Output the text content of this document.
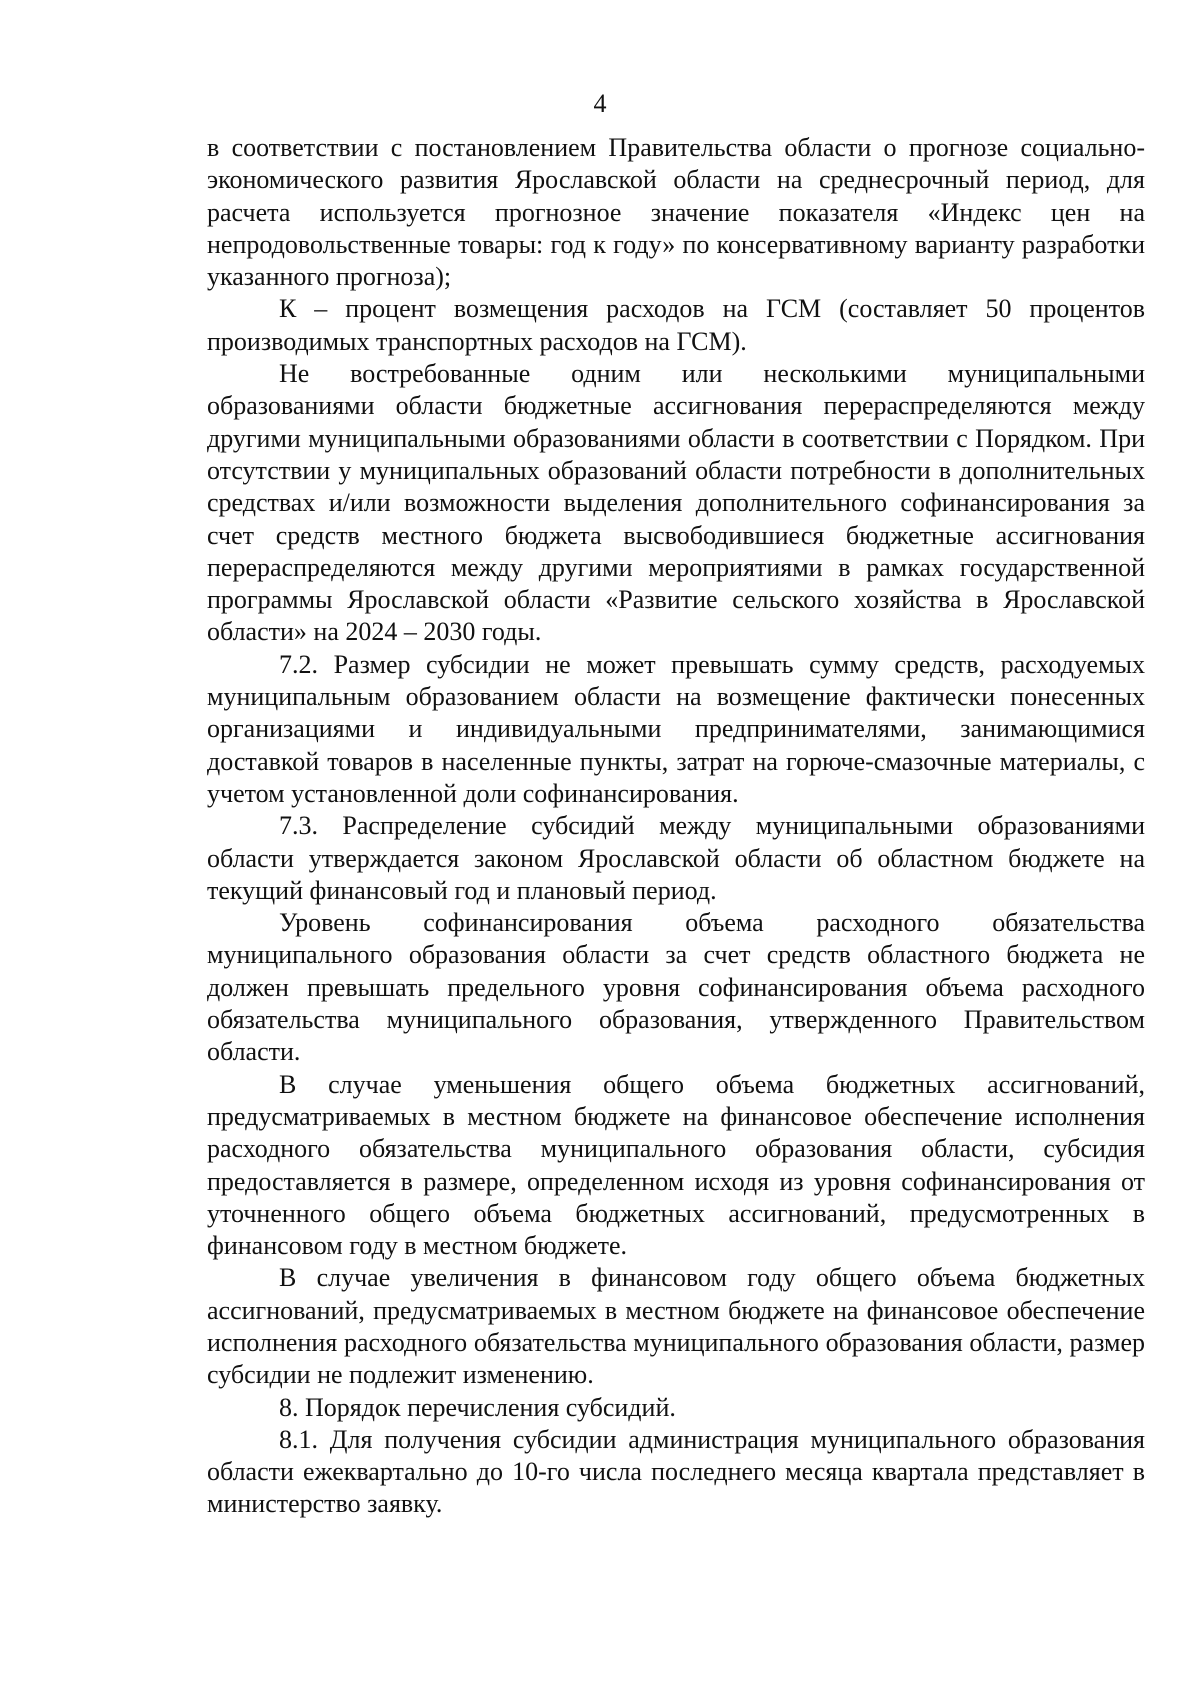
4

в соответствии с постановлением Правительства области о прогнозе социально-экономического развития Ярославской области на среднесрочный период, для расчета используется прогнозное значение показателя «Индекс цен на непродовольственные товары: год к году» по консервативному варианту разработки указанного прогноза);

К – процент возмещения расходов на ГСМ (составляет 50 процентов производимых транспортных расходов на ГСМ).

Не востребованные одним или несколькими муниципальными образованиями области бюджетные ассигнования перераспределяются между другими муниципальными образованиями области в соответствии с Порядком. При отсутствии у муниципальных образований области потребности в дополнительных средствах и/или возможности выделения дополнительного софинансирования за счет средств местного бюджета высвободившиеся бюджетные ассигнования перераспределяются между другими мероприятиями в рамках государственной программы Ярославской области «Развитие сельского хозяйства в Ярославской области» на 2024 – 2030 годы.

7.2. Размер субсидии не может превышать сумму средств, расходуемых муниципальным образованием области на возмещение фактически понесенных организациями и индивидуальными предпринимателями, занимающимися доставкой товаров в населенные пункты, затрат на горюче-смазочные материалы, с учетом установленной доли софинансирования.

7.3. Распределение субсидий между муниципальными образованиями области утверждается законом Ярославской области об областном бюджете на текущий финансовый год и плановый период.

Уровень софинансирования объема расходного обязательства муниципального образования области за счет средств областного бюджета не должен превышать предельного уровня софинансирования объема расходного обязательства муниципального образования, утвержденного Правительством области.

В случае уменьшения общего объема бюджетных ассигнований, предусматриваемых в местном бюджете на финансовое обеспечение исполнения расходного обязательства муниципального образования области, субсидия предоставляется в размере, определенном исходя из уровня софинансирования от уточненного общего объема бюджетных ассигнований, предусмотренных в финансовом году в местном бюджете.

В случае увеличения в финансовом году общего объема бюджетных ассигнований, предусматриваемых в местном бюджете на финансовое обеспечение исполнения расходного обязательства муниципального образования области, размер субсидии не подлежит изменению.

8. Порядок перечисления субсидий.

8.1. Для получения субсидии администрация муниципального образования области ежеквартально до 10-го числа последнего месяца квартала представляет в министерство заявку.
